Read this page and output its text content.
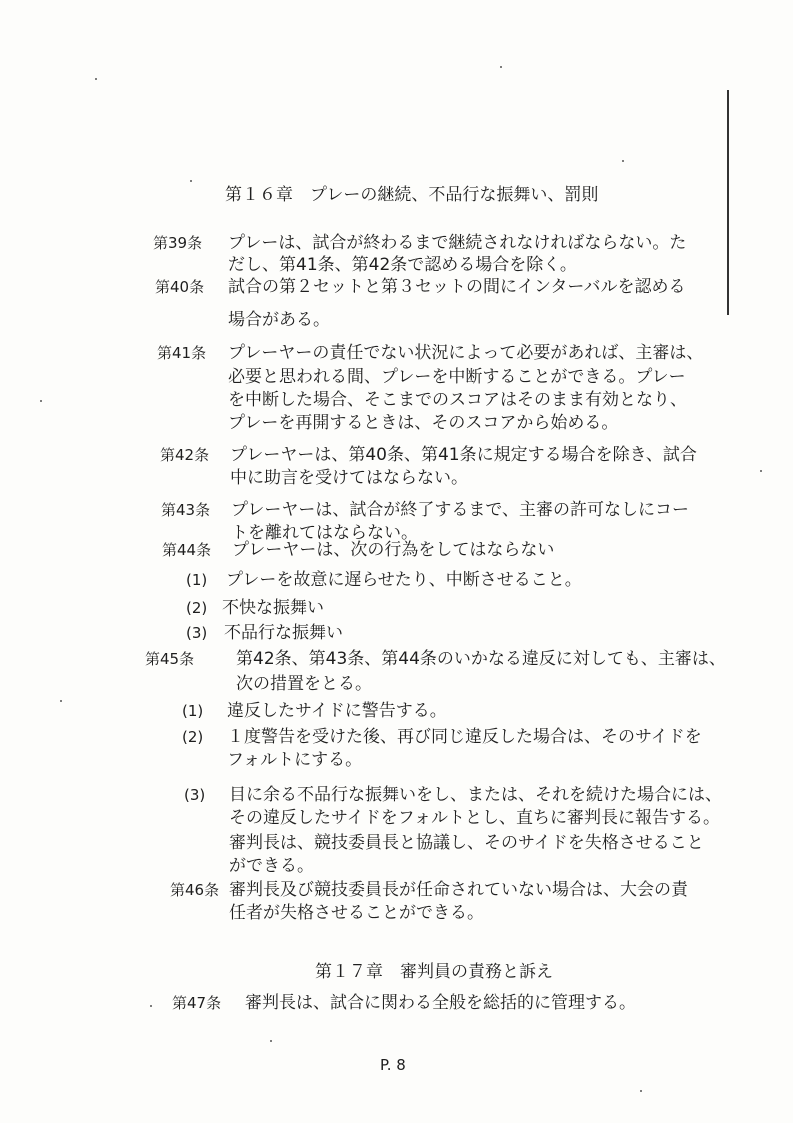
第１６章　プレーの継続、不品行な振舞い、罰則
第39条 プレーは、試合が終わるまで継続されなければならない。た
だし、第41条、第42条で認める場合を除く。
第40条 試合の第２セットと第３セットの間にインターバルを認める
場合がある。
第41条 プレーヤーの責任でない状況によって必要があれば、主審は、
必要と思われる間、プレーを中断することができる。プレー
を中断した場合、そこまでのスコアはそのまま有効となり、
プレーを再開するときは、そのスコアから始める。
第42条 プレーヤーは、第40条、第41条に規定する場合を除き、試合
中に助言を受けてはならない。
第43条 プレーヤーは、試合が終了するまで、主審の許可なしにコー
トを離れてはならない。
第44条 プレーヤーは、次の行為をしてはならない
(1) プレーを故意に遅らせたり、中断させること。
(2) 不快な振舞い
(3) 不品行な振舞い
第45条 第42条、第43条、第44条のいかなる違反に対しても、主審は、
次の措置をとる。
(1) 違反したサイドに警告する。
(2) １度警告を受けた後、再び同じ違反した場合は、そのサイドを
フォルトにする。
(3) 目に余る不品行な振舞いをし、または、それを続けた場合には、
その違反したサイドをフォルトとし、直ちに審判長に報告する。
審判長は、競技委員長と協議し、そのサイドを失格させること
ができる。
第46条 審判長及び競技委員長が任命されていない場合は、大会の責
任者が失格させることができる。
第１７章　審判員の責務と訴え
第47条 審判長は、試合に関わる全般を総括的に管理する。
P. 8
